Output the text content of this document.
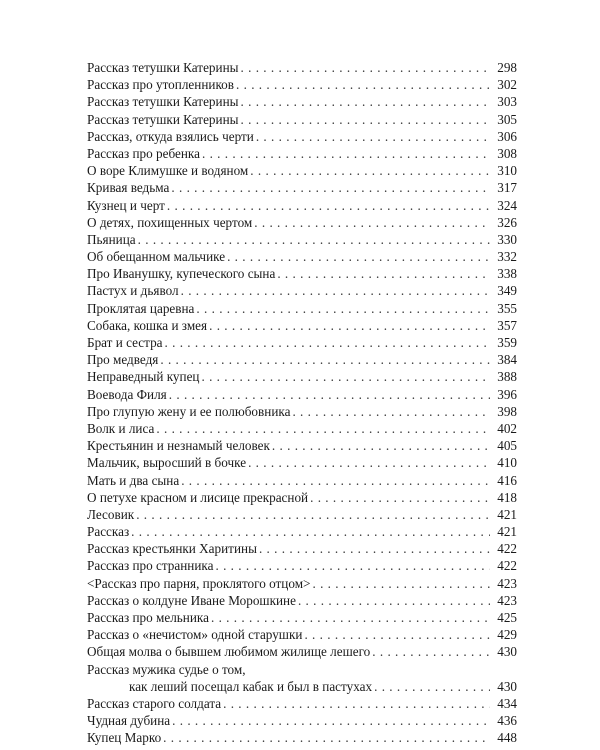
Рассказ тетушки Катерины . . .	298
Рассказ про утопленников . . .	302
Рассказ тетушки Катерины . . .	303
Рассказ тетушки Катерины . . .	305
Рассказ, откуда взялись черти . . .	306
Рассказ про ребенка . . .	308
О воре Климушке и водяном . . .	310
Кривая ведьма . . .	317
Кузнец и черт . . .	324
О детях, похищенных чертом . . .	326
Пьяница . . .	330
Об обещанном мальчике . . .	332
Про Иванушку, купеческого сына . . .	338
Пастух и дьявол . . .	349
Проклятая царевна . . .	355
Собака, кошка и змея . . .	357
Брат и сестра . . .	359
Про медведя . . .	384
Неправедный купец . . .	388
Воевода Филя . . .	396
Про глупую жену и ее полюбовника . . .	398
Волк и лиса . . .	402
Крестьянин и незнамый человек . . .	405
Мальчик, выросший в бочке . . .	410
Мать и два сына . . .	416
О петухе красном и лисице прекрасной . . .	418
Лесовик . . .	421
Рассказ . . .	421
Рассказ крестьянки Харитины . . .	422
Рассказ про странника . . .	422
<Рассказ про парня, проклятого отцом> . . .	423
Рассказ о колдуне Иване Морошкине . . .	423
Рассказ про мельника . . .	425
Рассказ о «нечистом» одной старушки . . .	429
Общая молва о бывшем любимом жилище лешего . . .	430
Рассказ мужика судье о том,
как леший посещал кабак и был в пастухах . . .	430
Рассказ старого солдата . . .	434
Чудная дубина . . .	436
Купец Марко . . .	448
